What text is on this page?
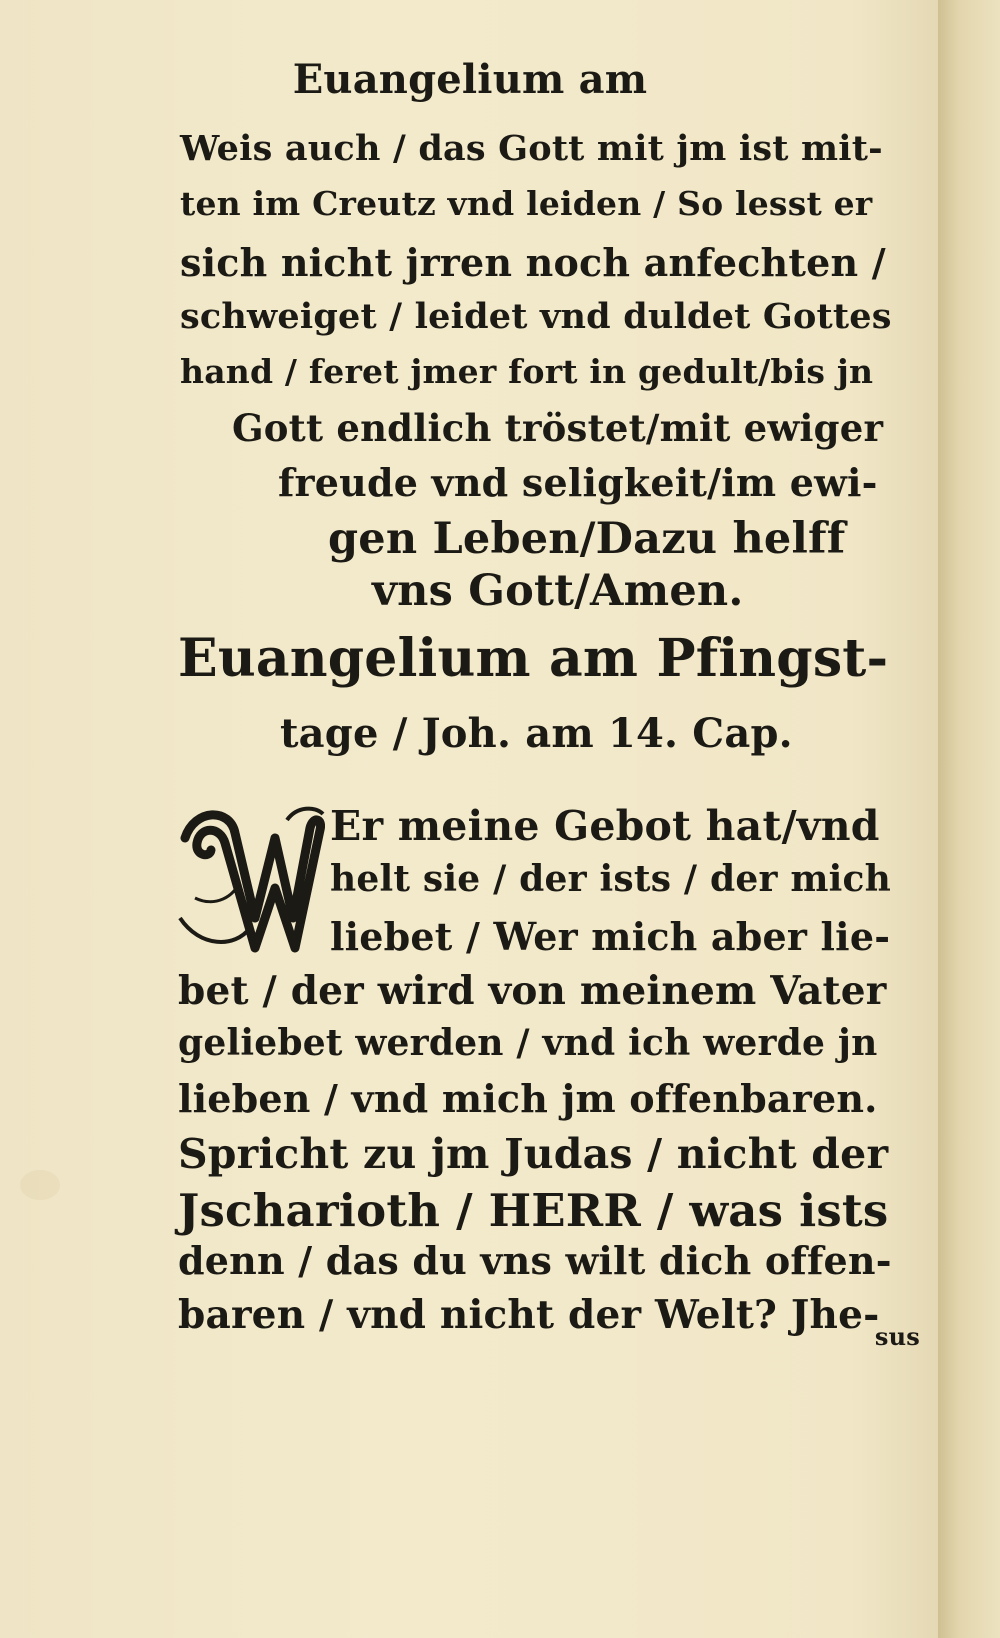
Euangelium am
Weis auch / das Gott mit jm ist mit-
ten im Creutz vnd leiden / So lesst er
sich nicht jrren noch anfechten /
schweiget / leidet vnd duldet Gottes
hand / feret jmer fort in gedult/bis jn
Gott endlich tröstet/mit ewiger
freude vnd seligkeit/im ewi-
gen Leben/Dazu helff
vns Gott/Amen.
Euangelium am Pfingst-
tage / Joh. am 14. Cap.
W Er meine Gebot hat/vnd
helt sie / der ists / der mich
liebet / Wer mich aber lie-
bet / der wird von meinem Vater
geliebet werden / vnd ich werde jn
lieben / vnd mich jm offenbaren.
Spricht zu jm Judas / nicht der
Jscharioth / HERR / was ists
denn / das du vns wilt dich offen-
baren / vnd nicht der Welt? Jhe-
sus
